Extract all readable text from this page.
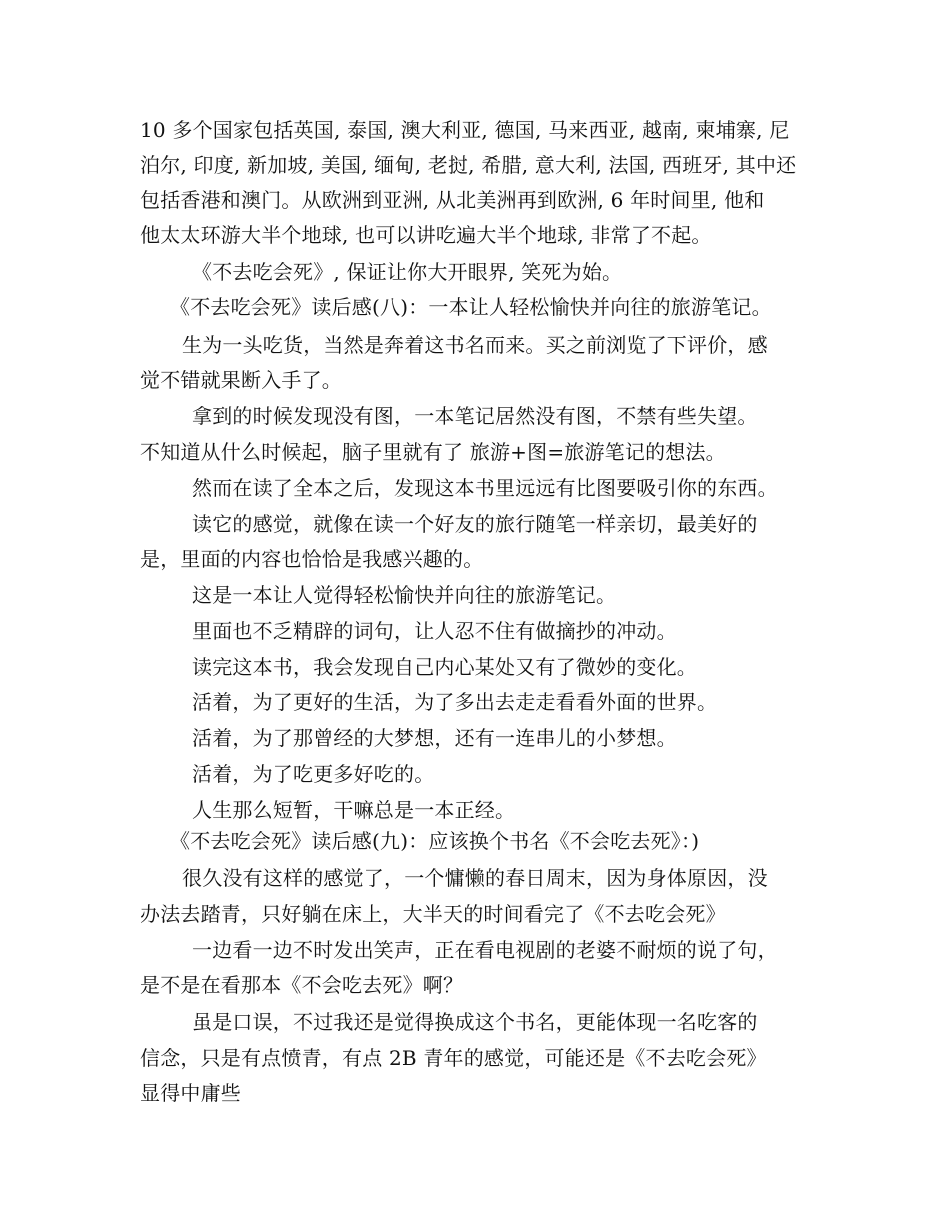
10 多个国家包括英国, 泰国, 澳大利亚, 德国, 马来西亚, 越南, 柬埔寨, 尼
泊尔, 印度, 新加坡, 美国, 缅甸, 老挝, 希腊, 意大利, 法国, 西班牙, 其中还
包括香港和澳门。从欧洲到亚洲, 从北美洲再到欧洲, 6 年时间里, 他和
他太太环游大半个地球, 也可以讲吃遍大半个地球, 非常了不起。
《不去吃会死》, 保证让你大开眼界, 笑死为始。
《不去吃会死》读后感(八)：一本让人轻松愉快并向往的旅游笔记。
生为一头吃货，当然是奔着这书名而来。买之前浏览了下评价，感
觉不错就果断入手了。
拿到的时候发现没有图，一本笔记居然没有图，不禁有些失望。
不知道从什么时候起，脑子里就有了 旅游+图=旅游笔记的想法。
然而在读了全本之后，发现这本书里远远有比图要吸引你的东西。
读它的感觉，就像在读一个好友的旅行随笔一样亲切，最美好的
是，里面的内容也恰恰是我感兴趣的。
这是一本让人觉得轻松愉快并向往的旅游笔记。
里面也不乏精辟的词句，让人忍不住有做摘抄的冲动。
读完这本书，我会发现自己内心某处又有了微妙的变化。
活着，为了更好的生活，为了多出去走走看看外面的世界。
活着，为了那曾经的大梦想，还有一连串儿的小梦想。
活着，为了吃更多好吃的。
人生那么短暂，干嘛总是一本正经。
《不去吃会死》读后感(九)：应该换个书名《不会吃去死》：)
很久没有这样的感觉了，一个慵懒的春日周末，因为身体原因，没
办法去踏青，只好躺在床上，大半天的时间看完了《不去吃会死》
一边看一边不时发出笑声，正在看电视剧的老婆不耐烦的说了句，
是不是在看那本《不会吃去死》啊？
虽是口误，不过我还是觉得换成这个书名，更能体现一名吃客的
信念，只是有点愤青，有点 2B 青年的感觉，可能还是《不去吃会死》
显得中庸些
